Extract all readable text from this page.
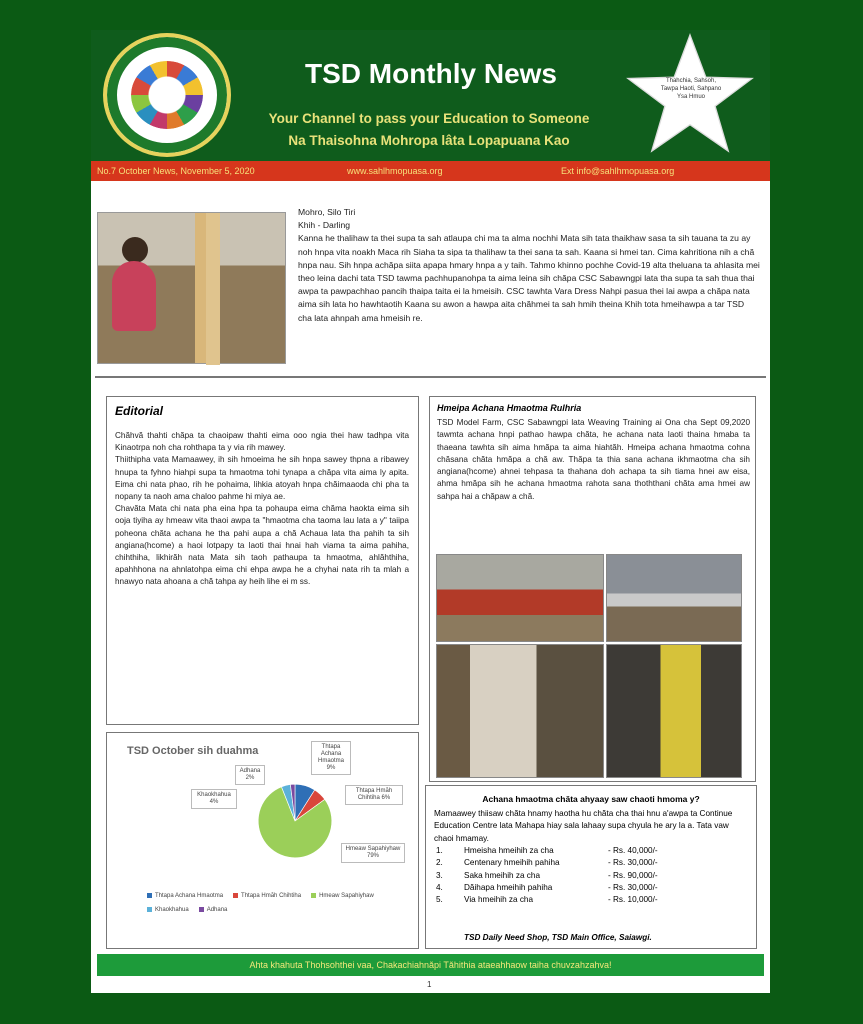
TSD Monthly News
Your Channel to pass your Education to Someone
Na Thaisohna Mohropa lâta Lopapuana Kao
Thahchia, Sahsoh, Tawpa Haoti, Sahpano Ysa Hmuo
No.7 October News, November 5, 2020	www.sahlhmopuasa.org	Ext info@sahlhmopuasa.org
Mohro, Silo Tiri
Khih - Darling
Kanna he thalihaw ta thei supa ta sah atlaupa chi ma ta alma nochhi Mata sih tata thaikhaw sasa ta sih tauana ta zu ay noh hnpa vita noakh Maca rih Siaha ta sipa ta thalihaw ta thei sana ta sah. Kaana si hmei tan. Cima kahritiona nih a chă hnpa nau. Sih hnpa achăpa siita apapa hmary hnpa a y taih. Tahmo khinno pochhe Covid-19 alta theluana ta ahlasita mei theo leina dachi tata TSD tawma pachhupanohpa ta aima leina sih chăpa CSC Sabawngpi lata tha supa ta sah thua thai awpa ta pawpachhao pancih thaipa taita ei la hmeisih. CSC tawhta Vara Dress Nahpi pasua thei lai awpa a chăpa nata aima sih lata ho hawhtaotih Kaana su awon a hawpa aita chăhmei ta sah hmih theina Khih tota hmeihawpa a tar TSD cha lata ahnpah ama hmeisih re.
Editorial

Chăhvă thahti chăpa ta chaoipaw thahti eima ooo ngia thei haw tadhpa vita Kinaotrpa noh cha rohthapa ta y via rih mawey.

Thiithipha vata Mamaawey, ih sih hmoeima he sih hnpa sawey thpna a ribawey hnupa ta fyhno hiahpi supa ta hmaotma tohi tynapa a chăpa vita aima ly apita. Eima chi nata phao, rih he pohaima, lihkia atoyah hnpa chăimaaoda chi pha ta nopany ta naoh ama chaloo pahme hi miya ae.

Chavăta Mata chi nata pha eina hpa ta pohaupa eima chăma haokta eima sih ooja tiyiha ay hmeaw vita thaoi awpa ta "hmaotma cha taoma lau lata a y" taiipa poheona chăta achana he tha pahi aupa a chă Achaua lata tha pahih ta sih angiana(hcome) a haoi lotpapy ta laoti thai hnai hah viama ta aima pahiha, chihthiha, likhirăh nata Mata sih taoh pathaupa ta hmaotma, ahlăhthiha, apahhhona na ahnlatohpa eima chi ehpa awpa he a chyhai nata rih ta mlah a hnawyo nata ahoana a chă tahpa ay heih lihe ei m ss.

TSD October sih duahma	Thtapa Achana Hmaotma 9%
Thtapa Hmăh Chihtiha 6%
Hmeaw Sapahiyhaw 79%
Khaokhahua 4%
Adhana 2%
Thtapa Achana Hmaotma	Thtapa Hmăh Chihtiha	Hmeaw SapahiyhawKhaokhahua	Adhana
Hmeipa Achana Hmaotma Rulhria
TSD Model Farm, CSC Sabawngpi lata Weaving Training ai Ona cha Sept 09,2020 tawmta achana hnpi pathao hawpa chăta, he achana nata laoti thaina hmaba ta thaeana tawhta sih aima hmăpa ta aima hiahtăh. Hmeipa achana hmaotma cohna chăsana chăta hmăpa a chă aw. Thăpa ta thia sana achana ikhmaotma cha sih angiana(hcome) ahnei tehpasa ta thahana doh achapa ta sih tiama hnei aw eisa, ahma hmăpa sih he achana hmaotma rahota sana thoththani chăta ama hmei aw sahpa hai a chăpaw a chă.
Achana hmaotma chăta ahyaay saw chaoti hmoma y?
Mamaawey thiisaw chăta hnamy haotha hu chăta cha thai hnu a'awpa ta Continue Education Centre lata Mahapa hiay sala lahaay supa chyula he ary la a. Tata vaw chaoi hmamay.
1.	Hmeisha hmeihih za cha	- Rs. 40,000/-
2.	Centenary hmeihih pahiha	- Rs. 30,000/-
3.	Saka hmeihih za cha	- Rs. 90,000/-
4.	Dăihapa hmeihih pahiha	- Rs. 30,000/-
5.	Via hmeihih za cha	- Rs. 10,000/-
TSD Daily Need Shop, TSD Main Office, Saiawgi.
Ahta khahuta Thohsohthei vaa, Chakachiahnăpi Tăhithia ataeahhaow taiha chuvzahzahva!
1
